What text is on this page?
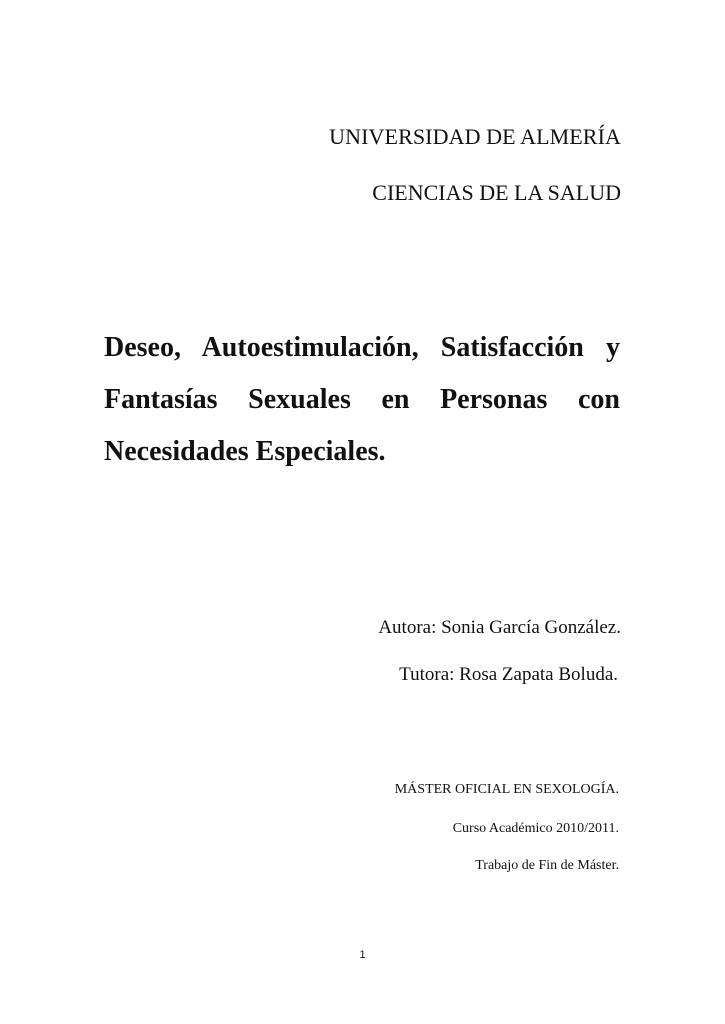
UNIVERSIDAD DE ALMERÍA
CIENCIAS DE LA SALUD
Deseo, Autoestimulación, Satisfacción y
Fantasías Sexuales en Personas con
Necesidades Especiales.
Autora: Sonia García González.
Tutora: Rosa Zapata Boluda.
MÁSTER OFICIAL EN SEXOLOGÍA.
Curso Académico 2010/2011.
Trabajo de Fin de Máster.
1
